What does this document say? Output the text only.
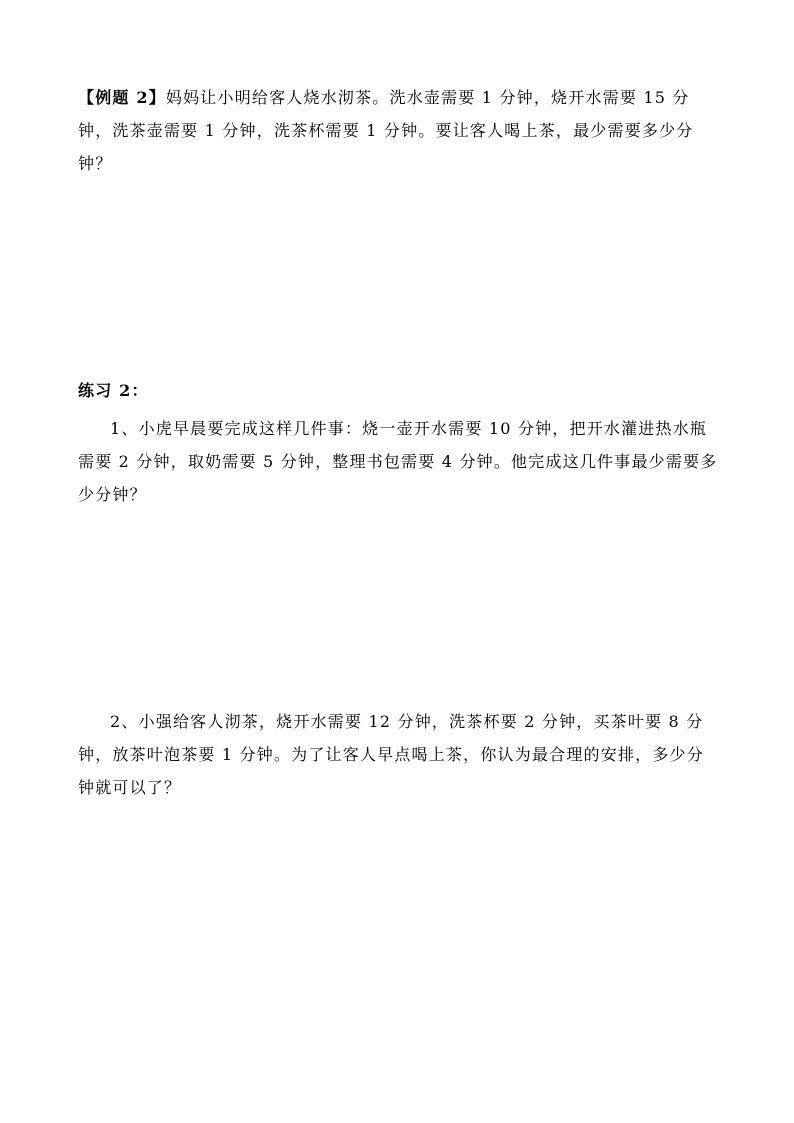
【例题 2】妈妈让小明给客人烧水沏茶。洗水壶需要 1 分钟，烧开水需要 15 分钟，洗茶壶需要 1 分钟，洗茶杯需要 1 分钟。要让客人喝上茶，最少需要多少分钟？

练习 2：

1、小虎早晨要完成这样几件事：烧一壶开水需要 10 分钟，把开水灌进热水瓶需要 2 分钟，取奶需要 5 分钟，整理书包需要 4 分钟。他完成这几件事最少需要多少分钟？

2、小强给客人沏茶，烧开水需要 12 分钟，洗茶杯要 2 分钟，买茶叶要 8 分钟，放茶叶泡茶要 1 分钟。为了让客人早点喝上茶，你认为最合理的安排，多少分钟就可以了？
